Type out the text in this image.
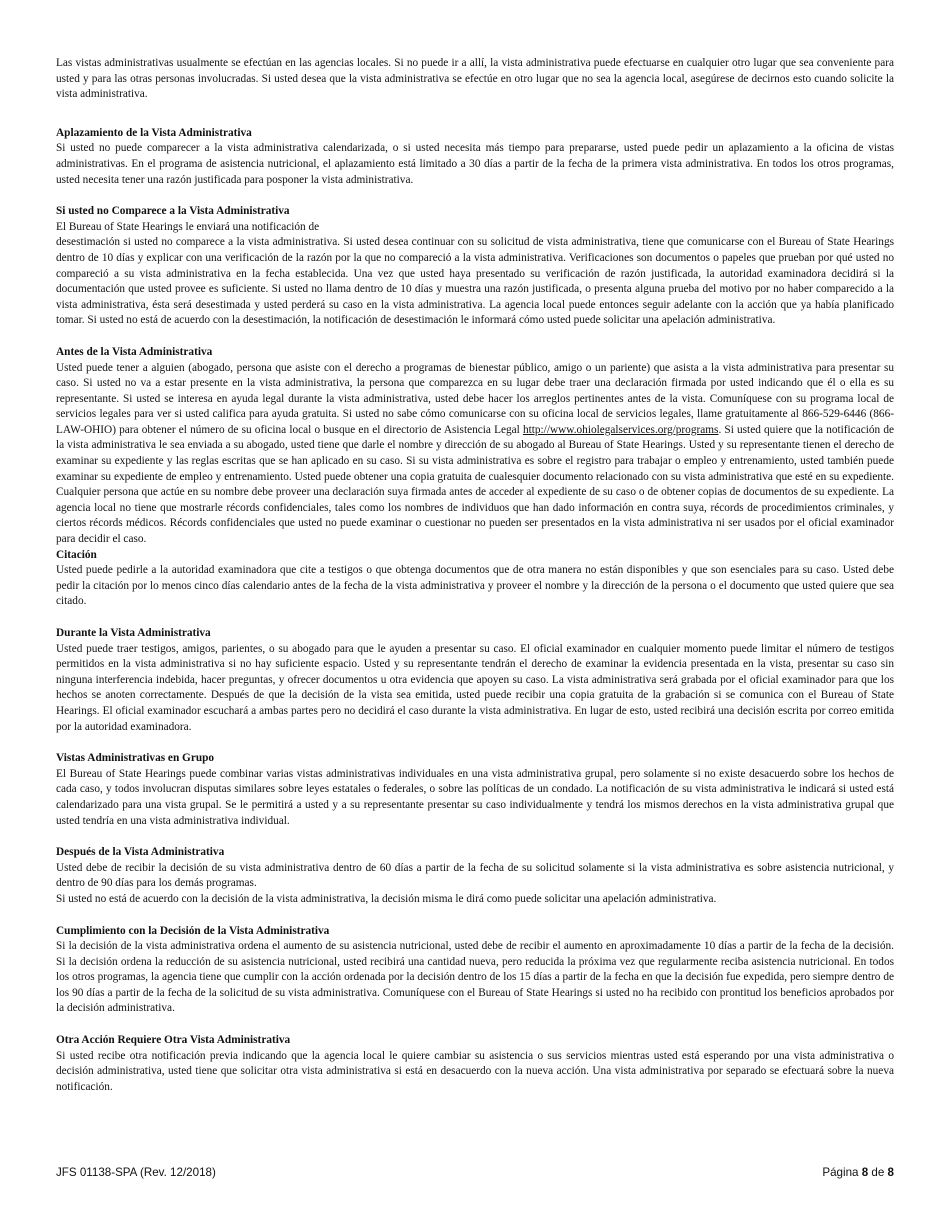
Las vistas administrativas usualmente se efectúan en las agencias locales. Si no puede ir a allí, la vista administrativa puede efectuarse en cualquier otro lugar que sea conveniente para usted y para las otras personas involucradas. Si usted desea que la vista administrativa se efectúe en otro lugar que no sea la agencia local, asegúrese de decirnos esto cuando solicite la vista administrativa.

Aplazamiento de la Vista Administrativa

Si usted no puede comparecer a la vista administrativa calendarizada, o si usted necesita más tiempo para prepararse, usted puede pedir un aplazamiento a la oficina de vistas administrativas. En el programa de asistencia nutricional, el aplazamiento está limitado a 30 días a partir de la fecha de la primera vista administrativa. En todos los otros programas, usted necesita tener una razón justificada para posponer la vista administrativa.

Si usted no Comparece a la Vista Administrativa

El Bureau of State Hearings le enviará una notificación de

desestimación si usted no comparece a la vista administrativa. Si usted desea continuar con su solicitud de vista administrativa, tiene que comunicarse con el Bureau of State Hearings dentro de 10 días y explicar con una verificación de la razón por la que no compareció a la vista administrativa. Verificaciones son documentos o papeles que prueban por qué usted no compareció a su vista administrativa en la fecha establecida. Una vez que usted haya presentado su verificación de razón justificada, la autoridad examinadora decidirá si la documentación que usted provee es suficiente. Si usted no llama dentro de 10 días y muestra una razón justificada, o presenta alguna prueba del motivo por no haber comparecido a la vista administrativa, ésta será desestimada y usted perderá su caso en la vista administrativa. La agencia local puede entonces seguir adelante con la acción que ya había planificado tomar. Si usted no está de acuerdo con la desestimación, la notificación de desestimación le informará cómo usted puede solicitar una apelación administrativa.

Antes de la Vista Administrativa

Usted puede tener a alguien (abogado, persona que asiste con el derecho a programas de bienestar público, amigo o un pariente) que asista a la vista administrativa para presentar su caso. Si usted no va a estar presente en la vista administrativa, la persona que comparezca en su lugar debe traer una declaración firmada por usted indicando que él o ella es su representante. Si usted se interesa en ayuda legal durante la vista administrativa, usted debe hacer los arreglos pertinentes antes de la vista. Comuníquese con su programa local de servicios legales para ver si usted califica para ayuda gratuita. Si usted no sabe cómo comunicarse con su oficina local de servicios legales, llame gratuitamente al 866-529-6446 (866-LAW-OHIO) para obtener el número de su oficina local o busque en el directorio de Asistencia Legal http://www.ohiolegalservices.org/programs. Si usted quiere que la notificación de la vista administrativa le sea enviada a su abogado, usted tiene que darle el nombre y dirección de su abogado al Bureau of State Hearings. Usted y su representante tienen el derecho de examinar su expediente y las reglas escritas que se han aplicado en su caso. Si su vista administrativa es sobre el registro para trabajar o empleo y entrenamiento, usted también puede examinar su expediente de empleo y entrenamiento. Usted puede obtener una copia gratuita de cualesquier documento relacionado con su vista administrativa que esté en su expediente. Cualquier persona que actúe en su nombre debe proveer una declaración suya firmada antes de acceder al expediente de su caso o de obtener copias de documentos de su expediente. La agencia local no tiene que mostrarle récords confidenciales, tales como los nombres de individuos que han dado información en contra suya, récords de procedimientos criminales, y ciertos récords médicos. Récords confidenciales que usted no puede examinar o cuestionar no pueden ser presentados en la vista administrativa ni ser usados por el oficial examinador para decidir el caso.

Citación

Usted puede pedirle a la autoridad examinadora que cite a testigos o que obtenga documentos que de otra manera no están disponibles y que son esenciales para su caso. Usted debe pedir la citación por lo menos cinco días calendario antes de la fecha de la vista administrativa y proveer el nombre y la dirección de la persona o el documento que usted quiere que sea citado.

Durante la Vista Administrativa

Usted puede traer testigos, amigos, parientes, o su abogado para que le ayuden a presentar su caso. El oficial examinador en cualquier momento puede limitar el número de testigos permitidos en la vista administrativa si no hay suficiente espacio. Usted y su representante tendrán el derecho de examinar la evidencia presentada en la vista, presentar su caso sin ninguna interferencia indebida, hacer preguntas, y ofrecer documentos u otra evidencia que apoyen su caso. La vista administrativa será grabada por el oficial examinador para que los hechos se anoten correctamente. Después de que la decisión de la vista sea emitida, usted puede recibir una copia gratuita de la grabación si se comunica con el Bureau of State Hearings. El oficial examinador escuchará a ambas partes pero no decidirá el caso durante la vista administrativa. En lugar de esto, usted recibirá una decisión escrita por correo emitida por la autoridad examinadora.

Vistas Administrativas en Grupo

El Bureau of State Hearings puede combinar varias vistas administrativas individuales en una vista administrativa grupal, pero solamente si no existe desacuerdo sobre los hechos de cada caso, y todos involucran disputas similares sobre leyes estatales o federales, o sobre las políticas de un condado. La notificación de su vista administrativa le indicará si usted está calendarizado para una vista grupal. Se le permitirá a usted y a su representante presentar su caso individualmente y tendrá los mismos derechos en la vista administrativa grupal que usted tendría en una vista administrativa individual.

Después de la Vista Administrativa

Usted debe de recibir la decisión de su vista administrativa dentro de 60 días a partir de la fecha de su solicitud solamente si la vista administrativa es sobre asistencia nutricional, y dentro de 90 días para los demás programas.

Si usted no está de acuerdo con la decisión de la vista administrativa, la decisión misma le dirá como puede solicitar una apelación administrativa.

Cumplimiento con la Decisión de la Vista Administrativa

Si la decisión de la vista administrativa ordena el aumento de su asistencia nutricional, usted debe de recibir el aumento en aproximadamente 10 días a partir de la fecha de la decisión. Si la decisión ordena la reducción de su asistencia nutricional, usted recibirá una cantidad nueva, pero reducida la próxima vez que regularmente reciba asistencia nutricional. En todos los otros programas, la agencia tiene que cumplir con la acción ordenada por la decisión dentro de los 15 días a partir de la fecha en que la decisión fue expedida, pero siempre dentro de los 90 días a partir de la fecha de la solicitud de su vista administrativa. Comuníquese con el Bureau of State Hearings si usted no ha recibido con prontitud los beneficios aprobados por la decisión administrativa.

Otra Acción Requiere Otra Vista Administrativa

Si usted recibe otra notificación previa indicando que la agencia local le quiere cambiar su asistencia o sus servicios mientras usted está esperando por una vista administrativa o decisión administrativa, usted tiene que solicitar otra vista administrativa si está en desacuerdo con la nueva acción. Una vista administrativa por separado se efectuará sobre la nueva notificación.

JFS 01138-SPA (Rev. 12/2018)	Página 8 de 8
